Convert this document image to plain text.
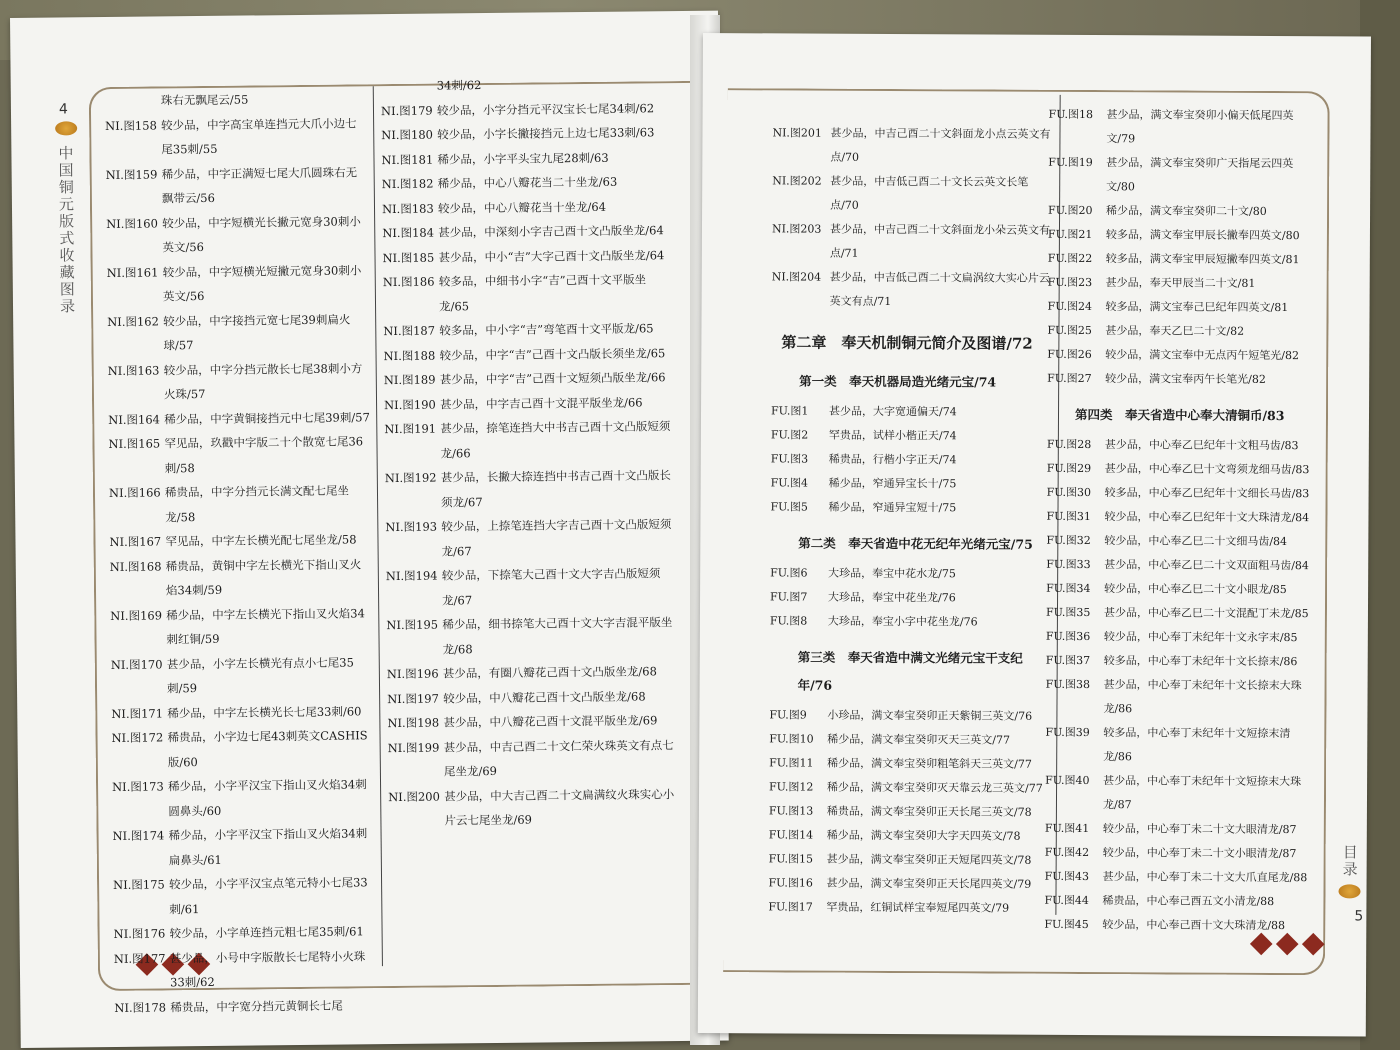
4
中国铜元版式收藏图录
珠右无飘尾云/55
NI.图158 较少品，中字高宝单连挡元大爪小边七尾35刺/55
NI.图159 稀少品，中字正满短七尾大爪圆珠右无飘带云/56
NI.图160 较少品，中字短横光长撇元宽身30刺小英文/56
NI.图161 较少品，中字短横光短撇元宽身30刺小英文/56
NI.图162 较少品，中字接挡元宽七尾39刺扁火球/57
NI.图163 较少品，中字分挡元散长七尾38刺小方火珠/57
NI.图164 稀少品，中字黄铜接挡元中七尾39刺/57
NI.图165 罕见品，玖戳中字版二十个散宽七尾36刺/58
NI.图166 稀贵品，中字分挡元长满文配七尾坐龙/58
NI.图167 罕见品，中字左长横光配七尾坐龙/58
NI.图168 稀贵品，黄铜中字左长横光下指山叉火焰34刺/59
NI.图169 稀少品，中字左长横光下指山叉火焰34刺红铜/59
NI.图170 甚少品，小字左长横光有点小七尾35刺/59
NI.图171 稀少品，中字左长横光长七尾33刺/60
NI.图172 稀贵品，小字边七尾43刺英文CASHIS版/60
NI.图173 稀少品，小字平汉宝下指山叉火焰34刺圆鼻头/60
NI.图174 稀少品，小字平汉宝下指山叉火焰34刺扁鼻头/61
NI.图175 较少品，小字平汉宝点笔元特小七尾33刺/61
NI.图176 较少品，小字单连挡元粗七尾35刺/61
NI.图177 甚少品，小号中字版散长七尾特小火珠33刺/62
NI.图178 稀贵品，中字宽分挡元黄铜长七尾
34刺/62
NI.图179 较少品，小字分挡元平汉宝长七尾34刺/62
NI.图180 较少品，小字长撇接挡元上边七尾33刺/63
NI.图181 稀少品，小字平头宝九尾28刺/63
NI.图182 稀少品，中心八瓣花当二十坐龙/63
NI.图183 较少品，中心八瓣花当十坐龙/64
NI.图184 甚少品，中深刻小字吉己酉十文凸版坐龙/64
NI.图185 甚少品，中小“吉”大字己酉十文凸版坐龙/64
NI.图186 较多品，中细书小字“吉”己酉十文平版坐龙/65
NI.图187 较多品，中小字“吉”弯笔酉十文平版龙/65
NI.图188 较少品，中字“吉”己酉十文凸版长须坐龙/65
NI.图189 甚少品，中字“吉”己酉十文短须凸版坐龙/66
NI.图190 甚少品，中字吉己酉十文混平版坐龙/66
NI.图191 甚少品，捺笔连挡大中书吉己酉十文凸版短须龙/66
NI.图192 甚少品，长撇大捺连挡中书吉己酉十文凸版长须龙/67
NI.图193 较少品，上捺笔连挡大字吉己酉十文凸版短须龙/67
NI.图194 较少品，下捺笔大己酉十文大字吉凸版短须龙/67
NI.图195 稀少品，细书捺笔大己酉十文大字吉混平版坐龙/68
NI.图196 甚少品，有圈八瓣花己酉十文凸版坐龙/68
NI.图197 较少品，中八瓣花己酉十文凸版坐龙/68
NI.图198 甚少品，中八瓣花己酉十文混平版坐龙/69
NI.图199 甚少品，中吉己酉二十文仁荣火珠英文有点七尾坐龙/69
NI.图200 甚少品，中大吉己酉二十文扁满纹火珠实心小片云七尾坐龙/69
NI.图201 甚少品，中吉己酉二十文斜面龙小点云英文有点/70
NI.图202 甚少品，中吉低己酉二十文长云英文长笔点/70
NI.图203 甚少品，中吉己酉二十文斜面龙小朵云英文有点/71
NI.图204 甚少品，中吉低己酉二十文扁涡纹大实心片云英文有点/71
第二章　奉天机制铜元简介及图谱/72
第一类　奉天机器局造光绪元宝/74
FU.图1	甚少品，大字宽通偏天/74
FU.图2	罕贵品，试样小楷正天/74
FU.图3	稀贵品，行楷小字正天/74
FU.图4	稀少品，窄通异宝长十/75
FU.图5	稀少品，窄通异宝短十/75
第二类　奉天省造中花无纪年光绪元宝/75
FU.图6	大珍品，奉宝中花水龙/75
FU.图7	大珍品，奉宝中花坐龙/76
FU.图8	大珍品，奉宝小字中花坐龙/76
第三类　奉天省造中满文光绪元宝干支纪年/76
FU.图9	小珍品，满文奉宝癸卯正天紫铜三英文/76
FU.图10	稀少品，满文奉宝癸卯灭天三英文/77
FU.图11	稀少品，满文奉宝癸卯粗笔斜天三英文/77
FU.图12	稀少品，满文奉宝癸卯灭天靠云龙三英文/77
FU.图13	稀贵品，满文奉宝癸卯正天长尾三英文/78
FU.图14	稀少品，满文奉宝癸卯大字天四英文/78
FU.图15	甚少品，满文奉宝癸卯正天短尾四英文/78
FU.图16	甚少品，满文奉宝癸卯正天长尾四英文/79
FU.图17	罕贵品，红铜试样宝奉短尾四英文/79
FU.图18	甚少品，满文奉宝癸卯小偏天低尾四英文/79
FU.图19	甚少品，满文奉宝癸卯广天指尾云四英文/80
FU.图20	稀少品，满文奉宝癸卯二十文/80
FU.图21	较多品，满文奉宝甲辰长撇奉四英文/80
FU.图22	较多品，满文奉宝甲辰短撇奉四英文/81
FU.图23	甚少品，奉天甲辰当二十文/81
FU.图24	较多品，满文宝奉己巳纪年四英文/81
FU.图25	甚少品，奉天乙巳二十文/82
FU.图26	较少品，满文宝奉中无点丙午短笔光/82
FU.图27	较少品，满文宝奉丙午长笔光/82
第四类　奉天省造中心奉大清铜币/83
FU.图28	甚少品，中心奉乙巳纪年十文粗马齿/83
FU.图29	甚少品，中心奉乙巳十文弯须龙细马齿/83
FU.图30	较多品，中心奉乙巳纪年十文细长马齿/83
FU.图31	较少品，中心奉乙巳纪年十文大珠清龙/84
FU.图32	较少品，中心奉乙巳二十文细马齿/84
FU.图33	甚少品，中心奉乙巳二十文双面粗马齿/84
FU.图34	较少品，中心奉乙巳二十文小眼龙/85
FU.图35	甚少品，中心奉乙巳二十文混配丁未龙/85
FU.图36	较少品，中心奉丁未纪年十文永字末/85
FU.图37	较多品，中心奉丁未纪年十文长捺末/86
FU.图38	甚少品，中心奉丁未纪年十文长捺末大珠龙/86
FU.图39	较多品，中心奉丁未纪年十文短捺末清龙/86
FU.图40	甚少品，中心奉丁未纪年十文短捺末大珠龙/87
FU.图41	较少品，中心奉丁未二十文大眼清龙/87
FU.图42	较少品，中心奉丁未二十文小眼清龙/87
FU.图43	甚少品，中心奉丁未二十文大爪直尾龙/88
FU.图44	稀贵品，中心奉己酉五文小清龙/88
FU.图45	较少品，中心奉己酉十文大珠清龙/88
目录
5
